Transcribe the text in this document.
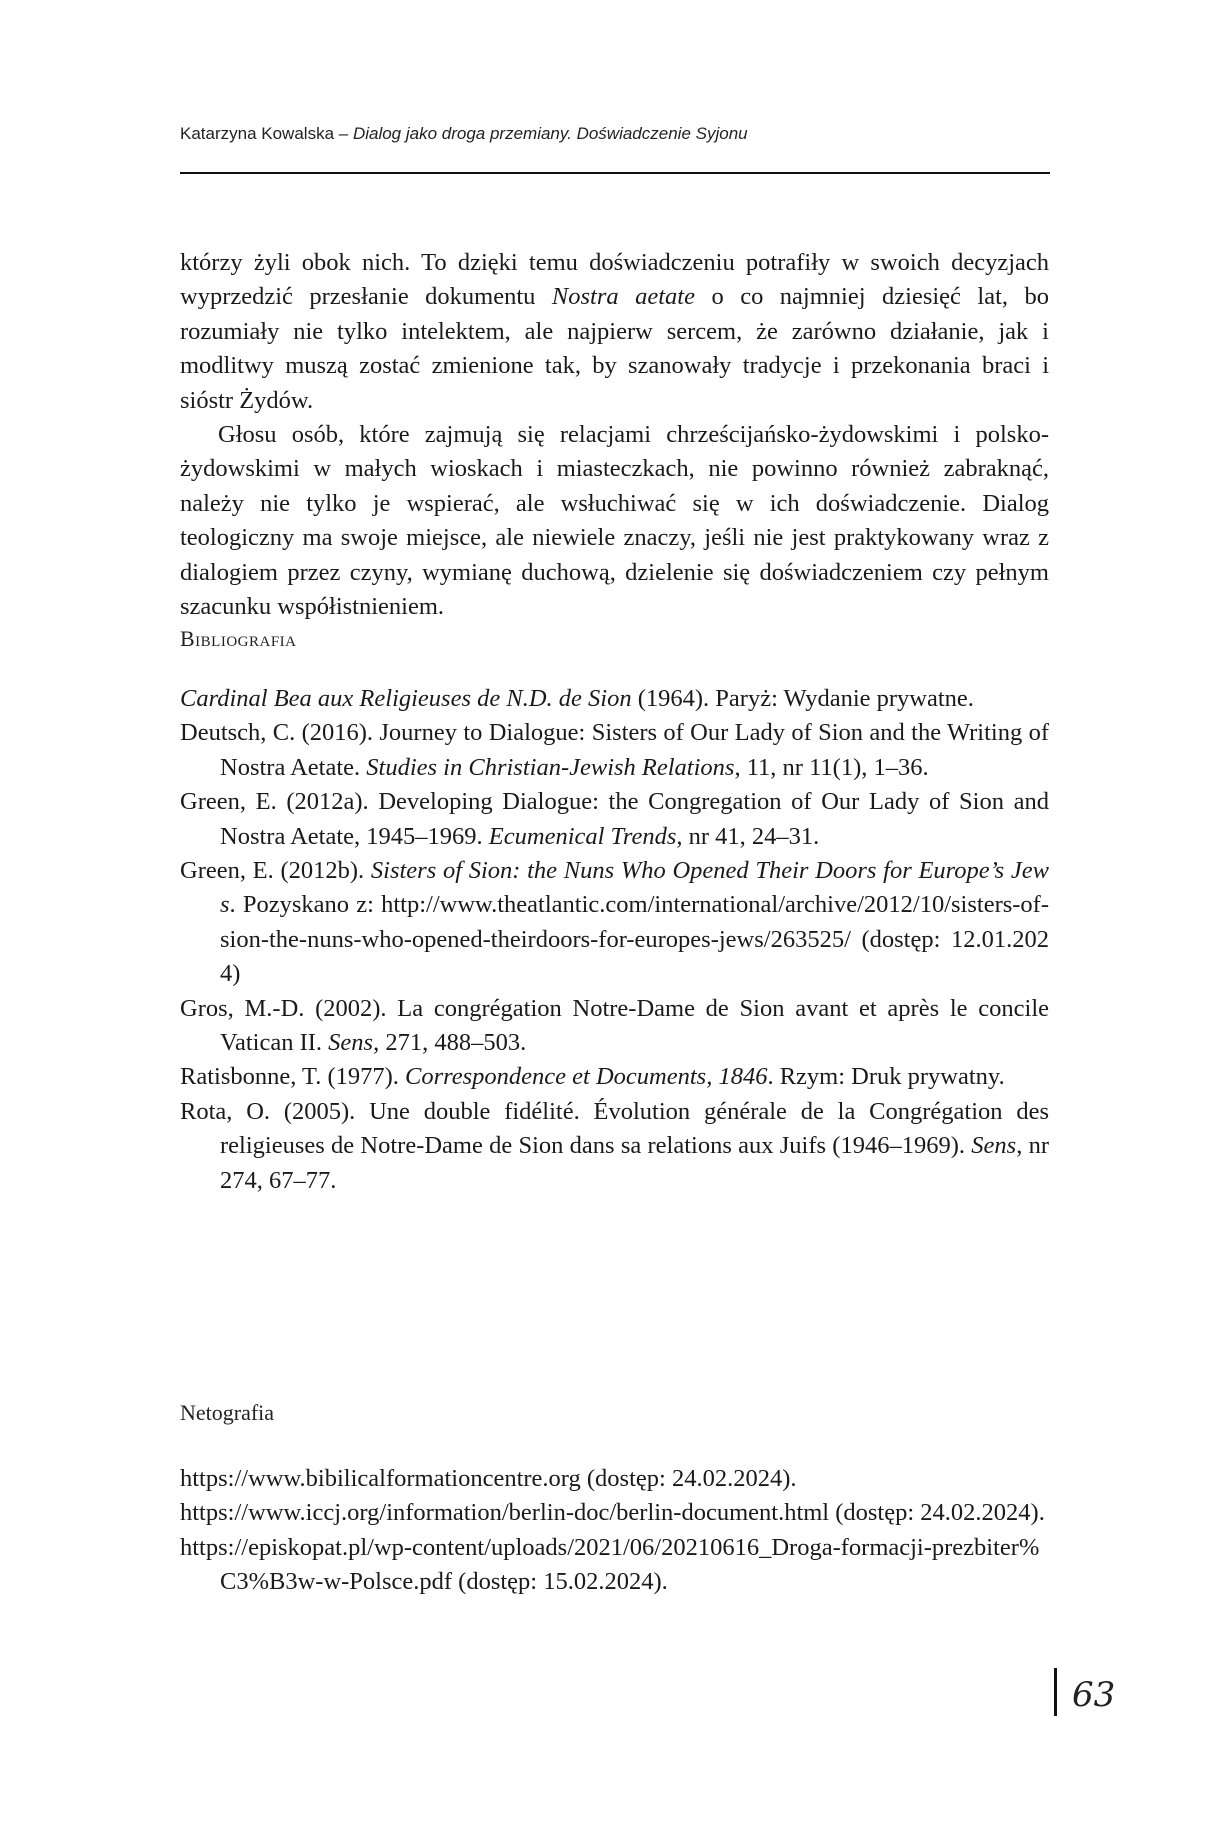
Katarzyna Kowalska – Dialog jako droga przemiany. Doświadczenie Syjonu

którzy żyli obok nich. To dzięki temu doświadczeniu potrafiły w swoich decyzjach wyprzedzić przesłanie dokumentu Nostra aetate o co najmniej dziesięć lat, bo rozumiały nie tylko intelektem, ale najpierw sercem, że zarówno działanie, jak i modlitwy muszą zostać zmienione tak, by szanowały tradycje i przekonania braci i sióstr Żydów.

Głosu osób, które zajmują się relacjami chrześcijańsko-żydowskimi i polsko-żydowskimi w małych wioskach i miasteczkach, nie powinno również zabraknąć, należy nie tylko je wspierać, ale wsłuchiwać się w ich doświadczenie. Dialog teologiczny ma swoje miejsce, ale niewiele znaczy, jeśli nie jest praktykowany wraz z dialogiem przez czyny, wymianę duchową, dzielenie się doświadczeniem czy pełnym szacunku współistnieniem.

Bibliografia

Cardinal Bea aux Religieuses de N.D. de Sion (1964). Paryż: Wydanie prywatne.

Deutsch, C. (2016). Journey to Dialogue: Sisters of Our Lady of Sion and the Writing of Nostra Aetate. Studies in Christian-Jewish Relations, 11, nr 11(1), 1–36.

Green, E. (2012a). Developing Dialogue: the Congregation of Our Lady of Sion and Nostra Aetate, 1945–1969. Ecumenical Trends, nr 41, 24–31.

Green, E. (2012b). Sisters of Sion: the Nuns Who Opened Their Doors for Europe’s Jews. Pozyskano z: http://www.theatlantic.com/international/archive/2012/10/sisters-of-sion-the-nuns-who-opened-theirdoors-for-europes-jews/263525/ (dostęp: 12.01.2024)

Gros, M.-D. (2002). La congrégation Notre-Dame de Sion avant et après le concile Vatican II. Sens, 271, 488–503.

Ratisbonne, T. (1977). Correspondence et Documents, 1846. Rzym: Druk prywatny.

Rota, O. (2005). Une double fidélité. Évolution générale de la Congrégation des religieuses de Notre-Dame de Sion dans sa relations aux Juifs (1946–1969). Sens, nr 274, 67–77.

Netografia

https://www.bibilicalformationcentre.org (dostęp: 24.02.2024).

https://www.iccj.org/information/berlin-doc/berlin-document.html (dostęp: 24.02.2024).

https://episkopat.pl/wp-content/uploads/2021/06/20210616_Droga-formacji-prezbiter%C3%B3w-w-Polsce.pdf (dostęp: 15.02.2024).

63
